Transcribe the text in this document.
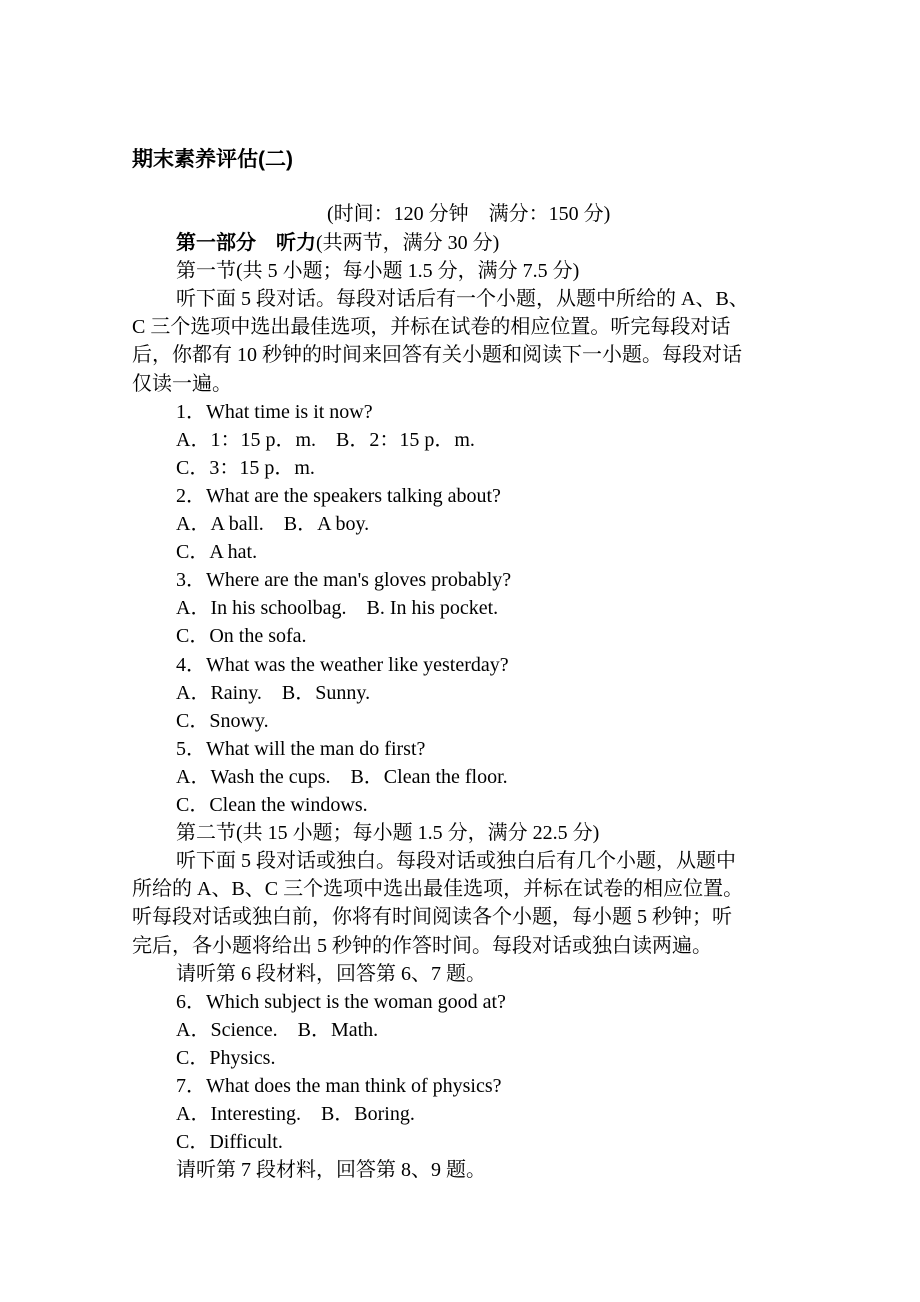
期末素养评估(二)
(时间：120 分钟　满分：150 分)
第一部分　听力(共两节，满分 30 分)
第一节(共 5 小题；每小题 1.5 分，满分 7.5 分)
听下面 5 段对话。每段对话后有一个小题，从题中所给的 A、B、
C 三个选项中选出最佳选项，并标在试卷的相应位置。听完每段对话
后，你都有 10 秒钟的时间来回答有关小题和阅读下一小题。每段对话
仅读一遍。
1．What time is it now?
A．1：15 p．m.　B．2：15 p．m.
C．3：15 p．m.
2．What are the speakers talking about?
A．A ball.　B．A boy.
C．A hat.
3．Where are the man's gloves probably?
A．In his schoolbag.　B. In his pocket.
C．On the sofa.
4．What was the weather like yesterday?
A．Rainy.　B．Sunny.
C．Snowy.
5．What will the man do first?
A．Wash the cups.　B．Clean the floor.
C．Clean the windows.
第二节(共 15 小题；每小题 1.5 分，满分 22.5 分)
听下面 5 段对话或独白。每段对话或独白后有几个小题，从题中
所给的 A、B、C 三个选项中选出最佳选项，并标在试卷的相应位置。
听每段对话或独白前，你将有时间阅读各个小题，每小题 5 秒钟；听
完后，各小题将给出 5 秒钟的作答时间。每段对话或独白读两遍。
请听第 6 段材料，回答第 6、7 题。
6．Which subject is the woman good at?
A．Science.　B．Math.
C．Physics.
7．What does the man think of physics?
A．Interesting.　B．Boring.
C．Difficult.
请听第 7 段材料，回答第 8、9 题。
